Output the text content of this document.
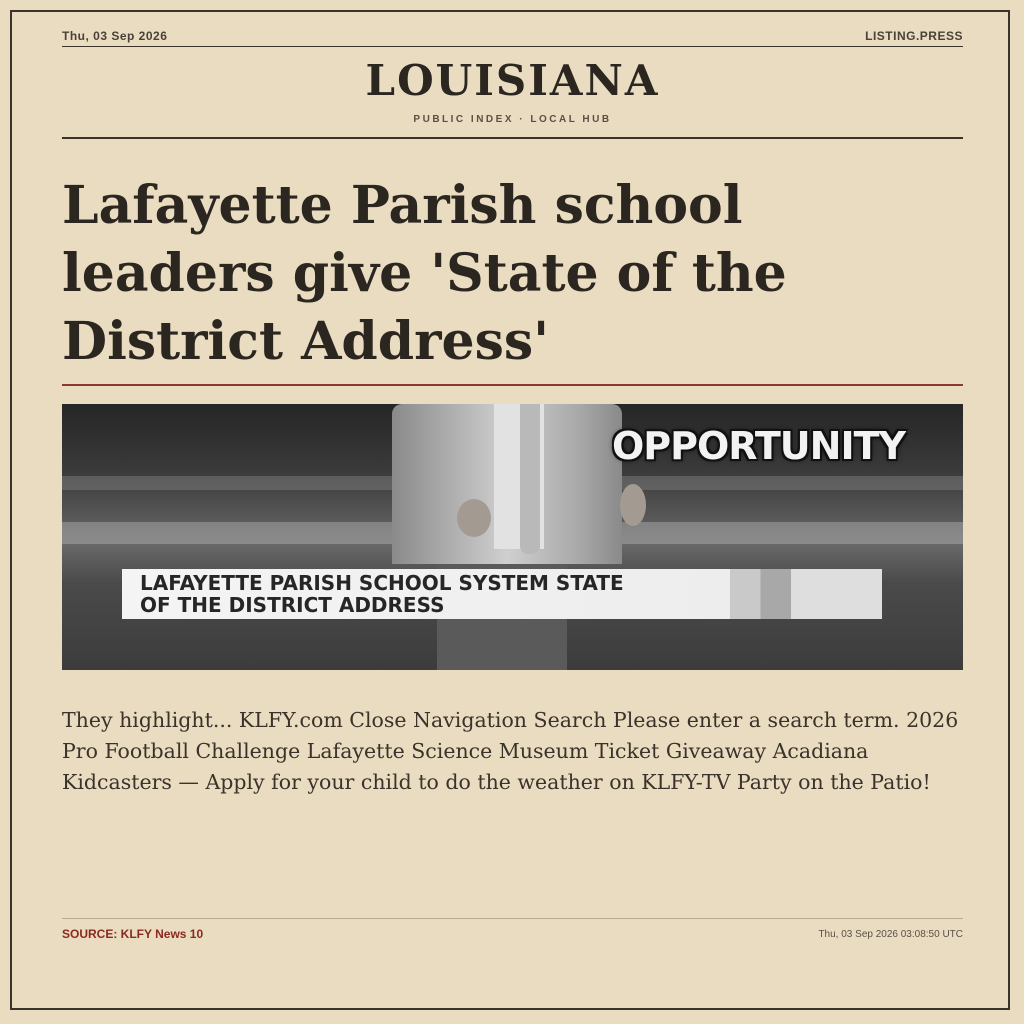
Thu, 03 Sep 2026	LISTING.PRESS
LOUISIANA
PUBLIC INDEX · LOCAL HUB
Lafayette Parish school leaders give 'State of the District Address'
OPPORTUNITY
LAFAYETTE PARISH SCHOOL SYSTEM STATE
OF THE DISTRICT ADDRESS

They highlight... KLFY.com Close Navigation Search Please enter a search term. 2026 Pro Football Challenge Lafayette Science Museum Ticket Giveaway Acadiana Kidcasters — Apply for your child to do the weather on KLFY-TV Party on the Patio!

SOURCE: KLFY News 10	Thu, 03 Sep 2026 03:08:50 UTC
